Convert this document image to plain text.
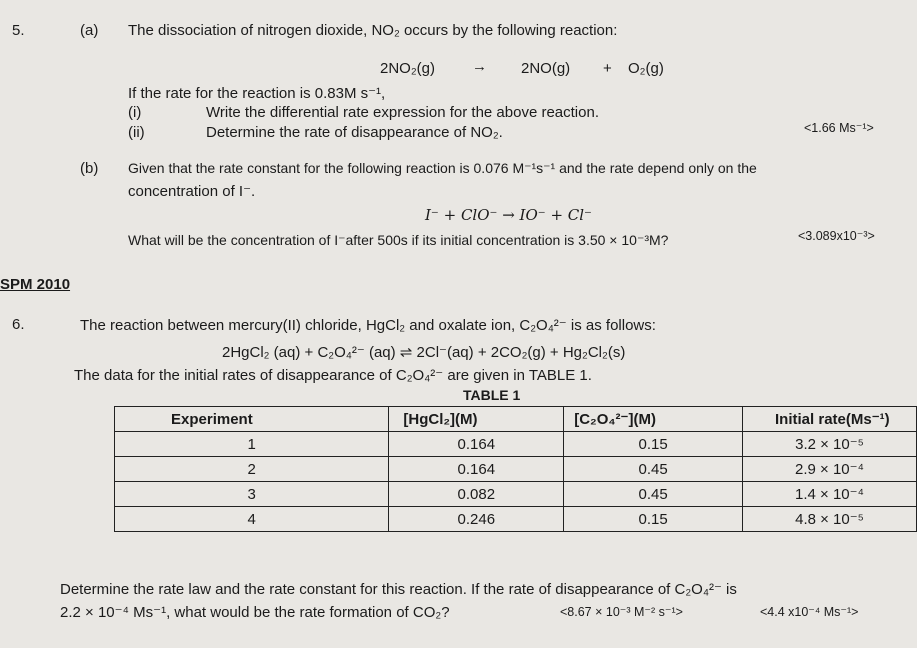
5.	(a) The dissociation of nitrogen dioxide, NO₂ occurs by the following reaction:
2NO₂(g) → 2NO(g) + O₂(g)
If the rate for the reaction is 0.83M s⁻¹,
(i)	Write the differential rate expression for the above reaction.
(ii)	Determine the rate of disappearance of NO₂.	<1.66 Ms⁻¹>
(b) Given that the rate constant for the following reaction is 0.076 M⁻¹s⁻¹ and the rate depend only on the
concentration of I⁻.
I⁻ + ClO⁻ → IO⁻ + Cl⁻
What will be the concentration of I⁻after 500s if its initial concentration is 3.50 × 10⁻³M?	<3.089x10⁻³>
SPM 2010
6.	The reaction between mercury(II) chloride, HgCl₂ and oxalate ion, C₂O₄²⁻ is as follows:
2HgCl₂ (aq) + C₂O₄²⁻ (aq) ⇌ 2Cl⁻(aq) + 2CO₂(g) + Hg₂Cl₂(s)
The data for the initial rates of disappearance of C₂O₄²⁻ are given in TABLE 1.
TABLE 1
Experiment	[HgCl₂](M)	[C₂O₄²⁻](M)	Initial rate(Ms⁻¹)
1	0.164	0.15	3.2 × 10⁻⁵
2	0.164	0.45	2.9 × 10⁻⁴
3	0.082	0.45	1.4 × 10⁻⁴
4	0.246	0.15	4.8 × 10⁻⁵
Determine the rate law and the rate constant for this reaction. If the rate of disappearance of C₂O₄²⁻ is
2.2 × 10⁻⁴ Ms⁻¹, what would be the rate formation of CO₂?	<8.67 × 10⁻³ M⁻² s⁻¹>	<4.4 x10⁻⁴ Ms⁻¹>
